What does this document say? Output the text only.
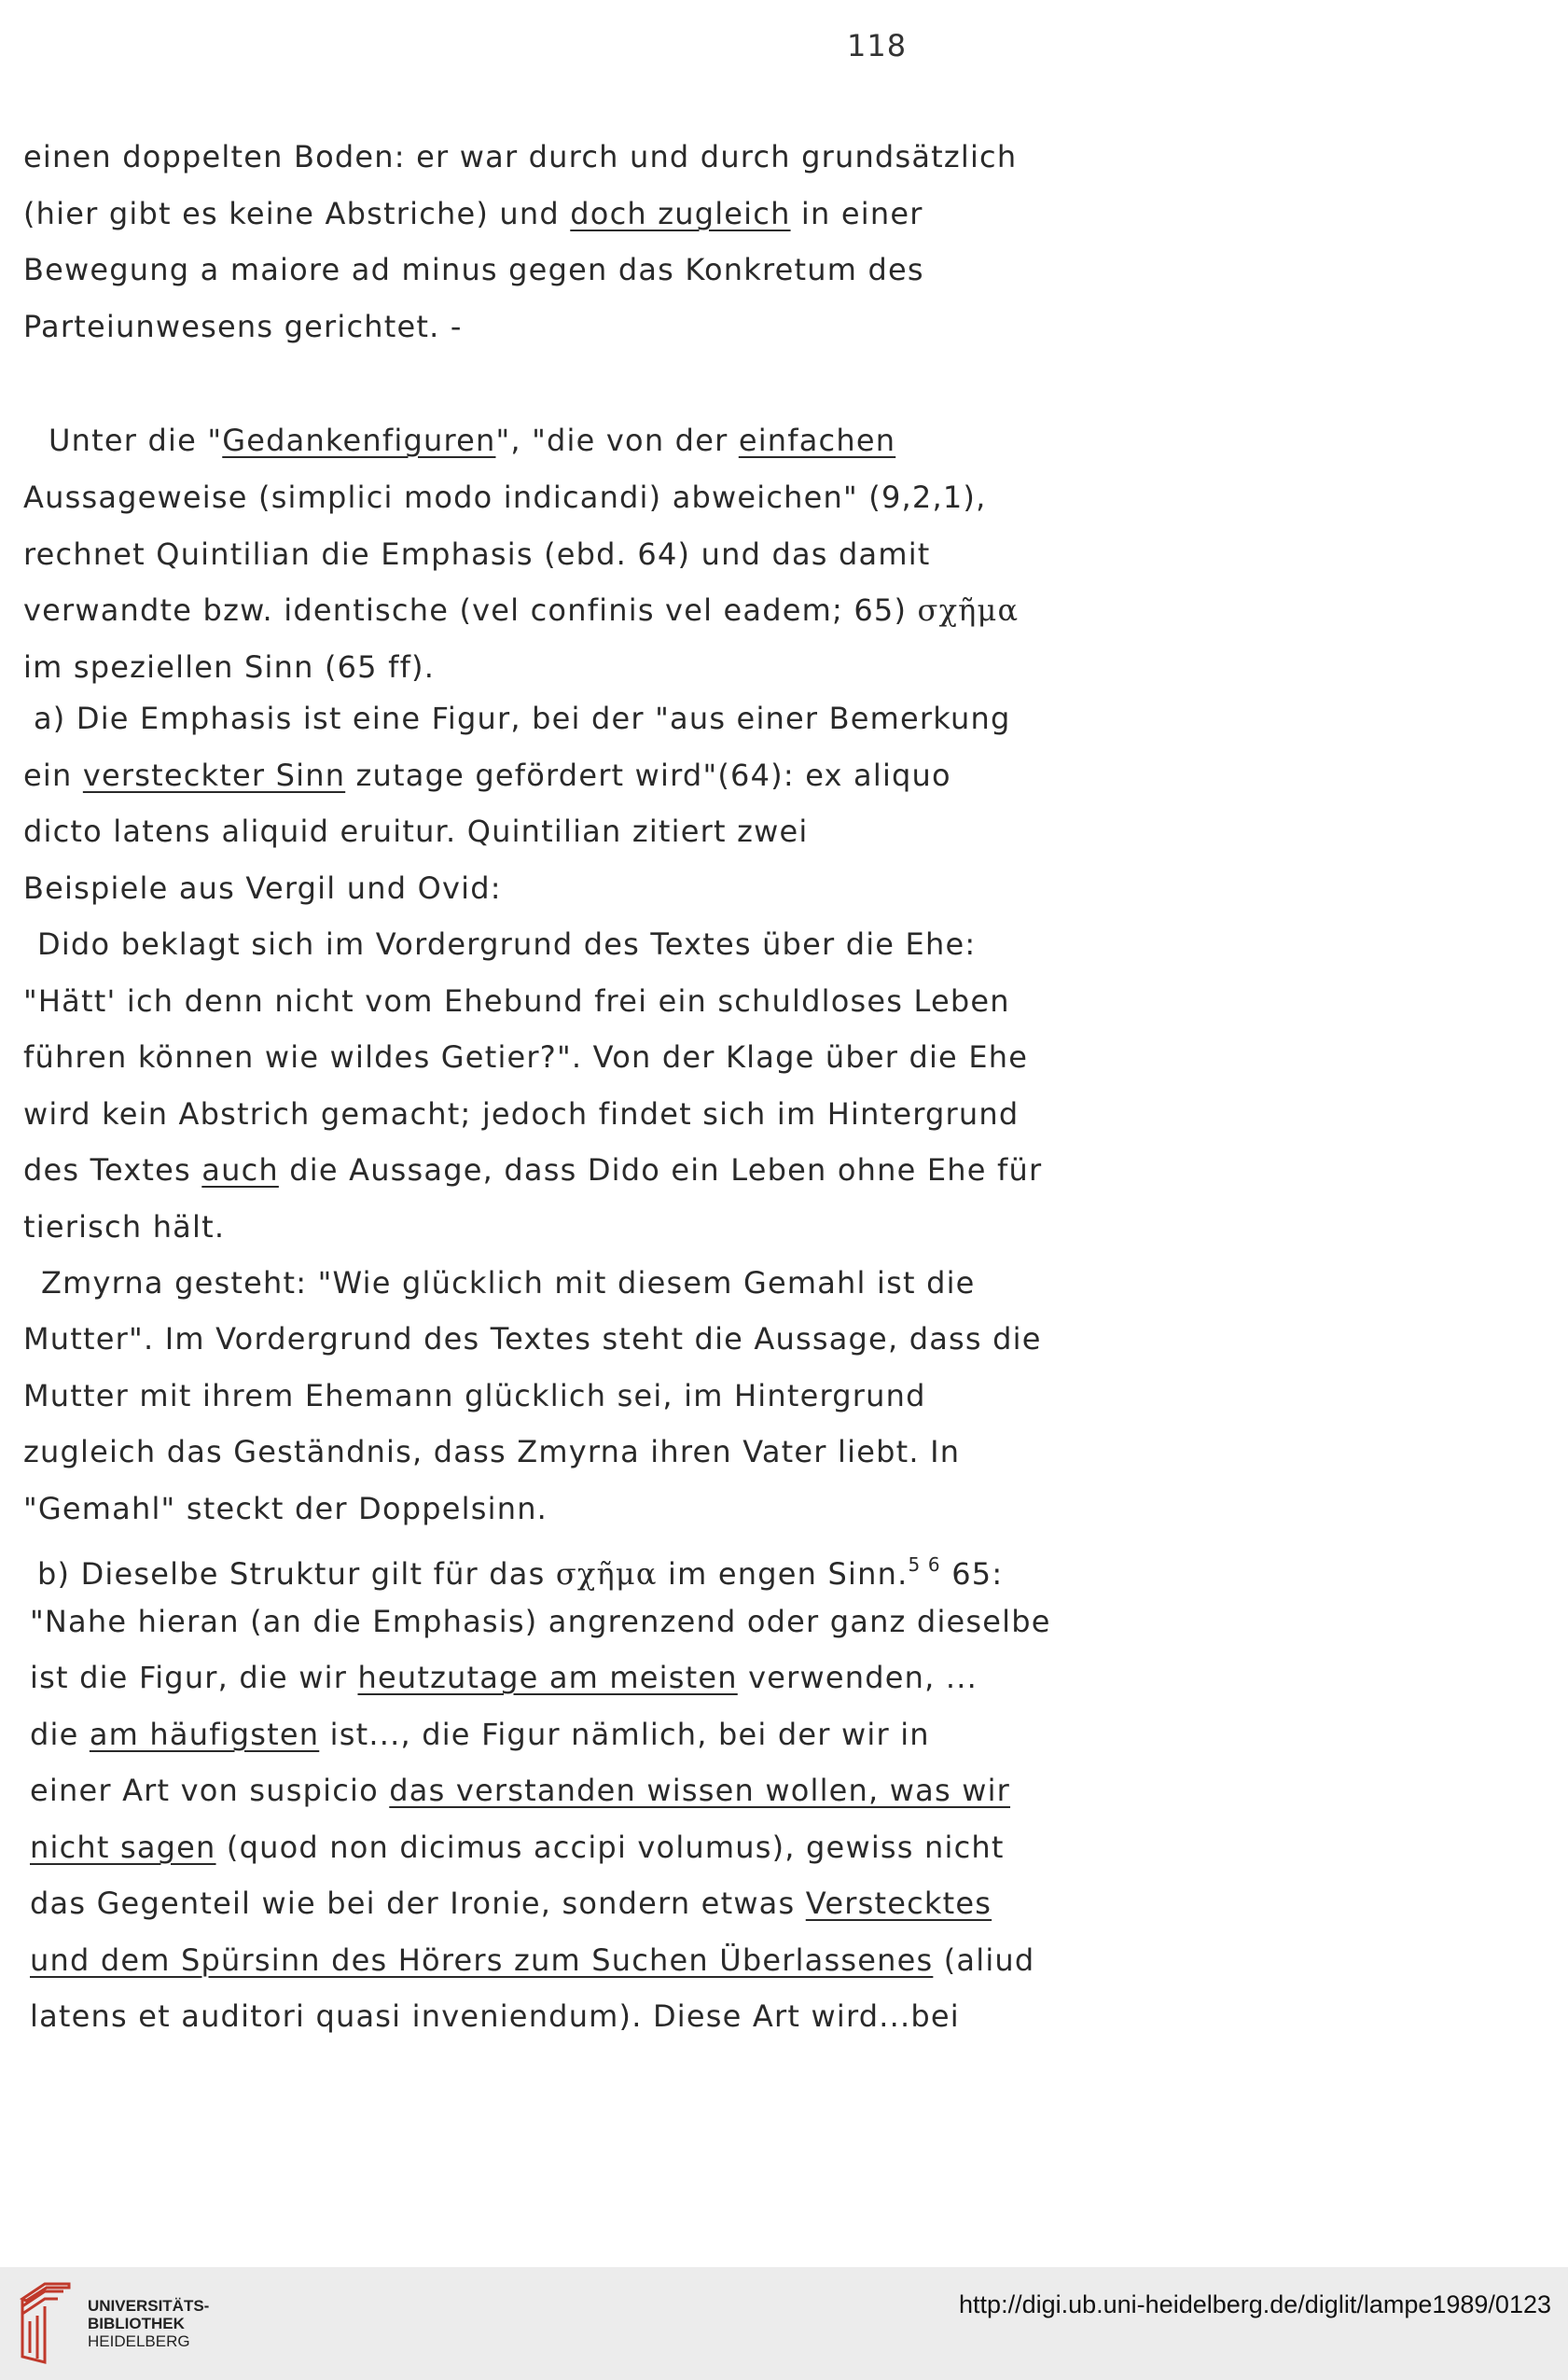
118
einen doppelten Boden: er war durch und durch grundsätzlich
(hier gibt es keine Abstriche) und doch zugleich in einer
Bewegung a maiore ad minus gegen das Konkretum des
Parteiunwesens gerichtet. -
Unter die "Gedankenfiguren", "die von der einfachen
Aussageweise (simplici modo indicandi) abweichen" (9,2,1),
rechnet Quintilian die Emphasis (ebd. 64) und das damit
verwandte bzw. identische (vel confinis vel eadem; 65) σχῆμα
im speziellen Sinn (65 ff).
a) Die Emphasis ist eine Figur, bei der "aus einer Bemerkung
ein versteckter Sinn zutage gefördert wird"(64): ex aliquo
dicto latens aliquid eruitur. Quintilian zitiert zwei
Beispiele aus Vergil und Ovid:
Dido beklagt sich im Vordergrund des Textes über die Ehe:
"Hätt' ich denn nicht vom Ehebund frei ein schuldloses Leben
führen können wie wildes Getier?". Von der Klage über die Ehe
wird kein Abstrich gemacht; jedoch findet sich im Hintergrund
des Textes auch die Aussage, dass Dido ein Leben ohne Ehe für
tierisch hält.
Zmyrna gesteht: "Wie glücklich mit diesem Gemahl ist die
Mutter". Im Vordergrund des Textes steht die Aussage, dass die
Mutter mit ihrem Ehemann glücklich sei, im Hintergrund
zugleich das Geständnis, dass Zmyrna ihren Vater liebt. In
"Gemahl" steckt der Doppelsinn.
b) Dieselbe Struktur gilt für das σχῆμα im engen Sinn.$^{5 6}$ 65:
"Nahe hieran (an die Emphasis) angrenzend oder ganz dieselbe
ist die Figur, die wir heutzutage am meisten verwenden, ...
die am häufigsten ist..., die Figur nämlich, bei der wir in
einer Art von suspicio das verstanden wissen wollen, was wir
nicht sagen (quod non dicimus accipi volumus), gewiss nicht
das Gegenteil wie bei der Ironie, sondern etwas Verstecktes
und dem Spürsinn des Hörers zum Suchen Überlassenes (aliud
latens et auditori quasi inveniendum). Diese Art wird...bei
UNIVERSITÄTS-
BIBLIOTHEK
HEIDELBERG
http://digi.ub.uni-heidelberg.de/diglit/lampe1989/0123
